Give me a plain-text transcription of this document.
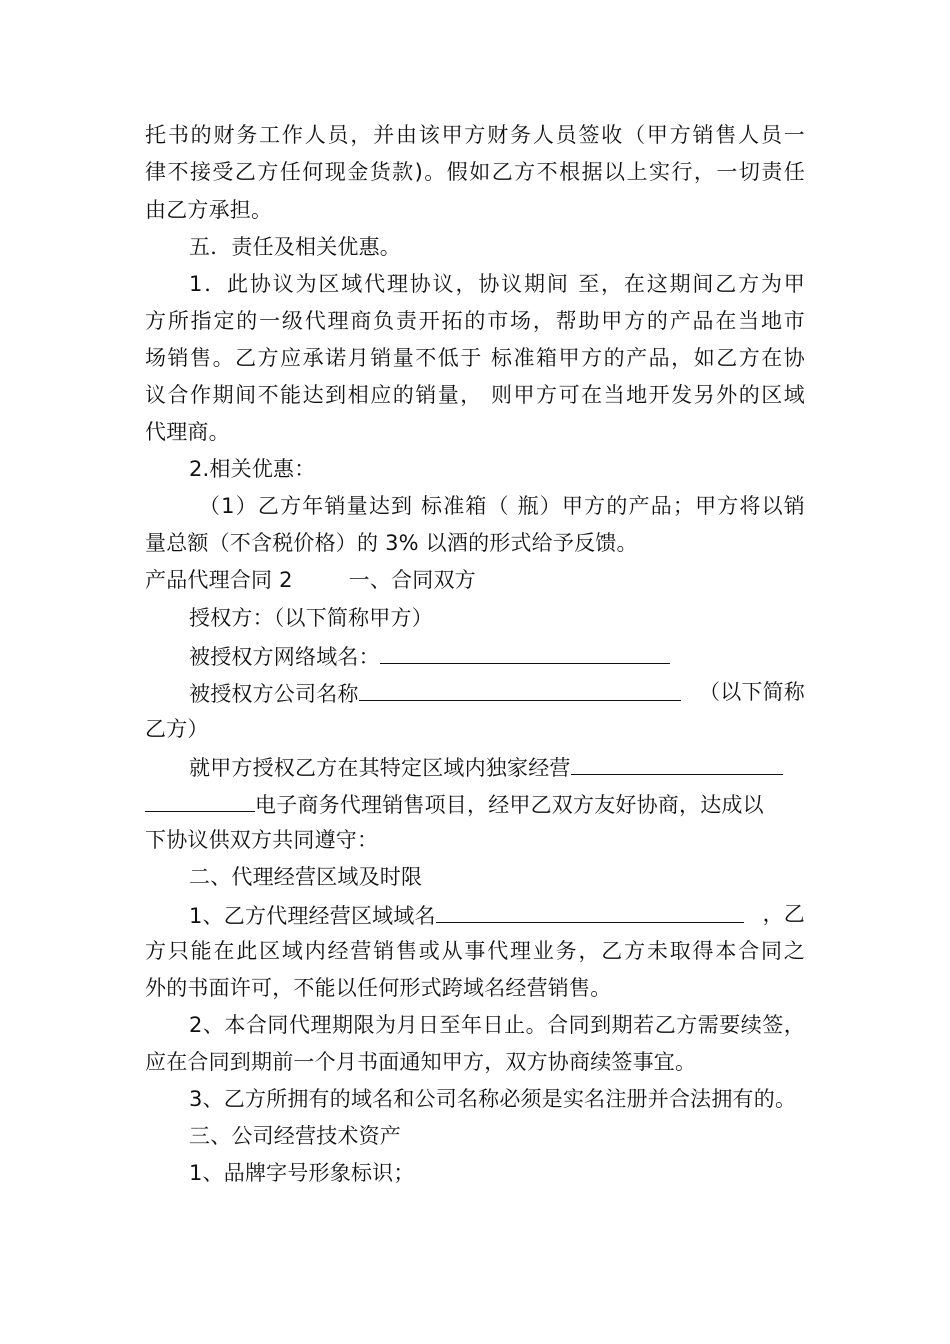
托书的财务工作人员，并由该甲方财务人员签收（甲方销售人员一
律不接受乙方任何现金货款)。假如乙方不根据以上实行，一切责任
由乙方承担。
五．责任及相关优惠。
1．此协议为区域代理协议，协议期间 至，在这期间乙方为甲
方所指定的一级代理商负责开拓的市场，帮助甲方的产品在当地市
场销售。乙方应承诺月销量不低于 标准箱甲方的产品，如乙方在协
议合作期间不能达到相应的销量， 则甲方可在当地开发另外的区域
代理商。
2.相关优惠：
（1）乙方年销量达到 标准箱（ 瓶）甲方的产品；甲方将以销
量总额（不含税价格）的 3% 以酒的形式给予反馈。
产品代理合同 2	一、合同双方
授权方：（以下简称甲方）
被授权方网络域名：
被授权方公司名称	（以下简称
乙方）
就甲方授权乙方在其特定区域内独家经营
电子商务代理销售项目，经甲乙双方友好协商，达成以
下协议供双方共同遵守：
二、代理经营区域及时限
1、乙方代理经营区域域名	，乙
方只能在此区域内经营销售或从事代理业务，乙方未取得本合同之
外的书面许可，不能以任何形式跨域名经营销售。
2、本合同代理期限为月日至年日止。合同到期若乙方需要续签，
应在合同到期前一个月书面通知甲方，双方协商续签事宜。
3、乙方所拥有的域名和公司名称必须是实名注册并合法拥有的。
三、公司经营技术资产
1、品牌字号形象标识；
